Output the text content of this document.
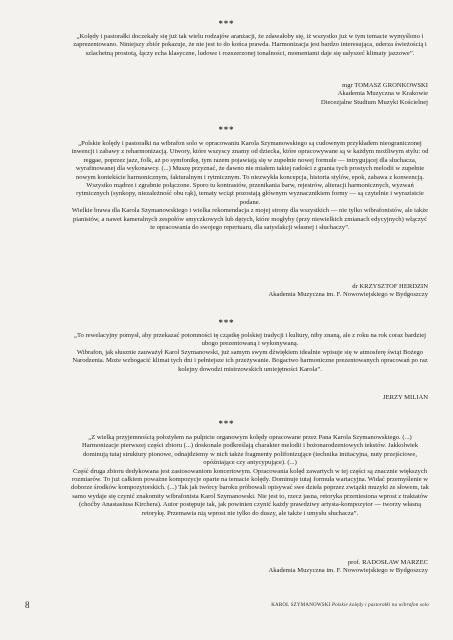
***

„Kolędy i pastorałki doczekały się już tak wielu rodzajów aranżacji, że zdawałoby się, iż wszystko już w tym temacie wymyślono i zaprezentowano. Niniejszy zbiór pokazuje, że nie jest to do końca prawda. Harmonizacja jest bardzo interesująca, uderza świeżością i szlachetną prostotą, łączy echa klasyczne, ludowe i rozszerzonej tonalności, momentami daje się usłyszeć klimaty jazzowe”.

mgr TOMASZ GRONKOWSKI
Akademia Muzyczna w Krakowie
Diecezjalne Studium Muzyki Kościelnej
***

„Polskie kolędy i pastorałki na wibrafon solo w opracowaniu Karola Szymanowskiego są cudownym przykładem nieograniczonej inwencji i zabawy z reharmonizacją. Utwory, które wszyscy znamy od dziecka, które opracowywane są w każdym możliwym stylu: od reggae, poprzez jazz, folk, aż po symfonikę, tym razem pojawiają się w zupełnie nowej formule — intrygującej dla słuchacza, wyrafinowanej dla wykonawcy. (...) Muszę przyznać, że dawno nie miałem takiej radości z grania tych prostych melodii w zupełnie nowym kontekście harmonicznym, fakturalnym i rytmicznym. To niezwykła koncepcja, historia stylów, epok, zabawa z konwencją. Wszystko mądrze i zgrabnie połączone. Sporo tu kontrastów, przenikania barw, rejestrów, alteracji harmonicznych, wyzwań rytmicznych (synkopy, niezależność obu rąk), tematy wciąż pozostają głównym wyznacznikiem formy — są czytelnie i wyrazistcie podane.

Wielkie brawa dla Karola Szymanowskiego i wielka rekomendacja z mojej strony dla wszystkich — nie tylko wibrafonistów, ale także pianistów, a nawet kameralnych zespołów smyczkowych lub dętych, które mogłyby (przy niewielkich zmianach edycyjnych) włączyć te opracowania do swojego repertuaru, dla satysfakcji własnej i słuchaczy”.

dr KRZYSZTOF HERDZIN
Akademia Muzyczna im. F. Nowowiejskiego w Bydgoszczy
***

„To rewelacyjny pomysł, aby przekazać potomności tę cząstkę polskiej tradycji i kultury, niby znaną, ale z roku na rok coraz bardziej ubogo prezentowaną i wykonywaną.

Wibrafon, jak słusznie zauważył Karol Szymanowski, już samym swym dźwiękiem idealnie wpisuje się w atmosferę świąt Bożego Narodzenia. Może wzbogacić klimat tych dni i pełniejsze ich przeżywanie. Bogactwo harmoniczne prezentowanych opracowań po raz kolejny dowodzi mistrzowskich umiejętności Karola”.

JERZY MILIAN
***

„Z wielką przyjemnością położyłem na pulpicie organowym kolędy opracowane przez Pana Karola Szymanowskiego. (...) Harmonizacje pierwszej części zbioru (...) doskonale podkreślają charakter melodii i bożonarodzeniowych tekstów. Jakkolwiek dominują tutaj struktury pionowe, odnajdziemy w nich także fragmenty polifonizujące (technika imitacyjna, nuty przejściowe, opóźniające czy antycypujące). (...)

Część druga zbioru dedykowana jest zastosowaniom koncertowym. Opracowania kolęd zawartych w tej części są znacznie większych rozmiarów. To już całkiem poważne kompozycje oparte na temacie kolędy. Dominuje tutaj formuła wariacyjna. Widać przemyślenie w doborze środków kompozytorskich. (...) Tak jak twórcy baroku próbowali opisywać swe dzieła poprzez związki muzyki ze słowem, tak samo wydaje się czynić znakomity wibrafonista Karol Szymanowski. Nie jest to, rzecz jasna, retoryka przeniesiona wprost z traktatów (choćby Anastasiusa Kirchera). Autor postępuje tak, jak powinien czynić każdy prawdziwy artysta-kompozytor — tworzy własną retorykę. Przemawia nią wprost nie tylko do duszy, ale także i umysłu słuchacza”.

prof. RADOSŁAW MARZEC
Akademia Muzyczna im. F. Nowowiejskiego w Bydgoszczy
8	KAROL SZYMANOWSKI Polskie kolędy i pastorałki na wibrafon solo
